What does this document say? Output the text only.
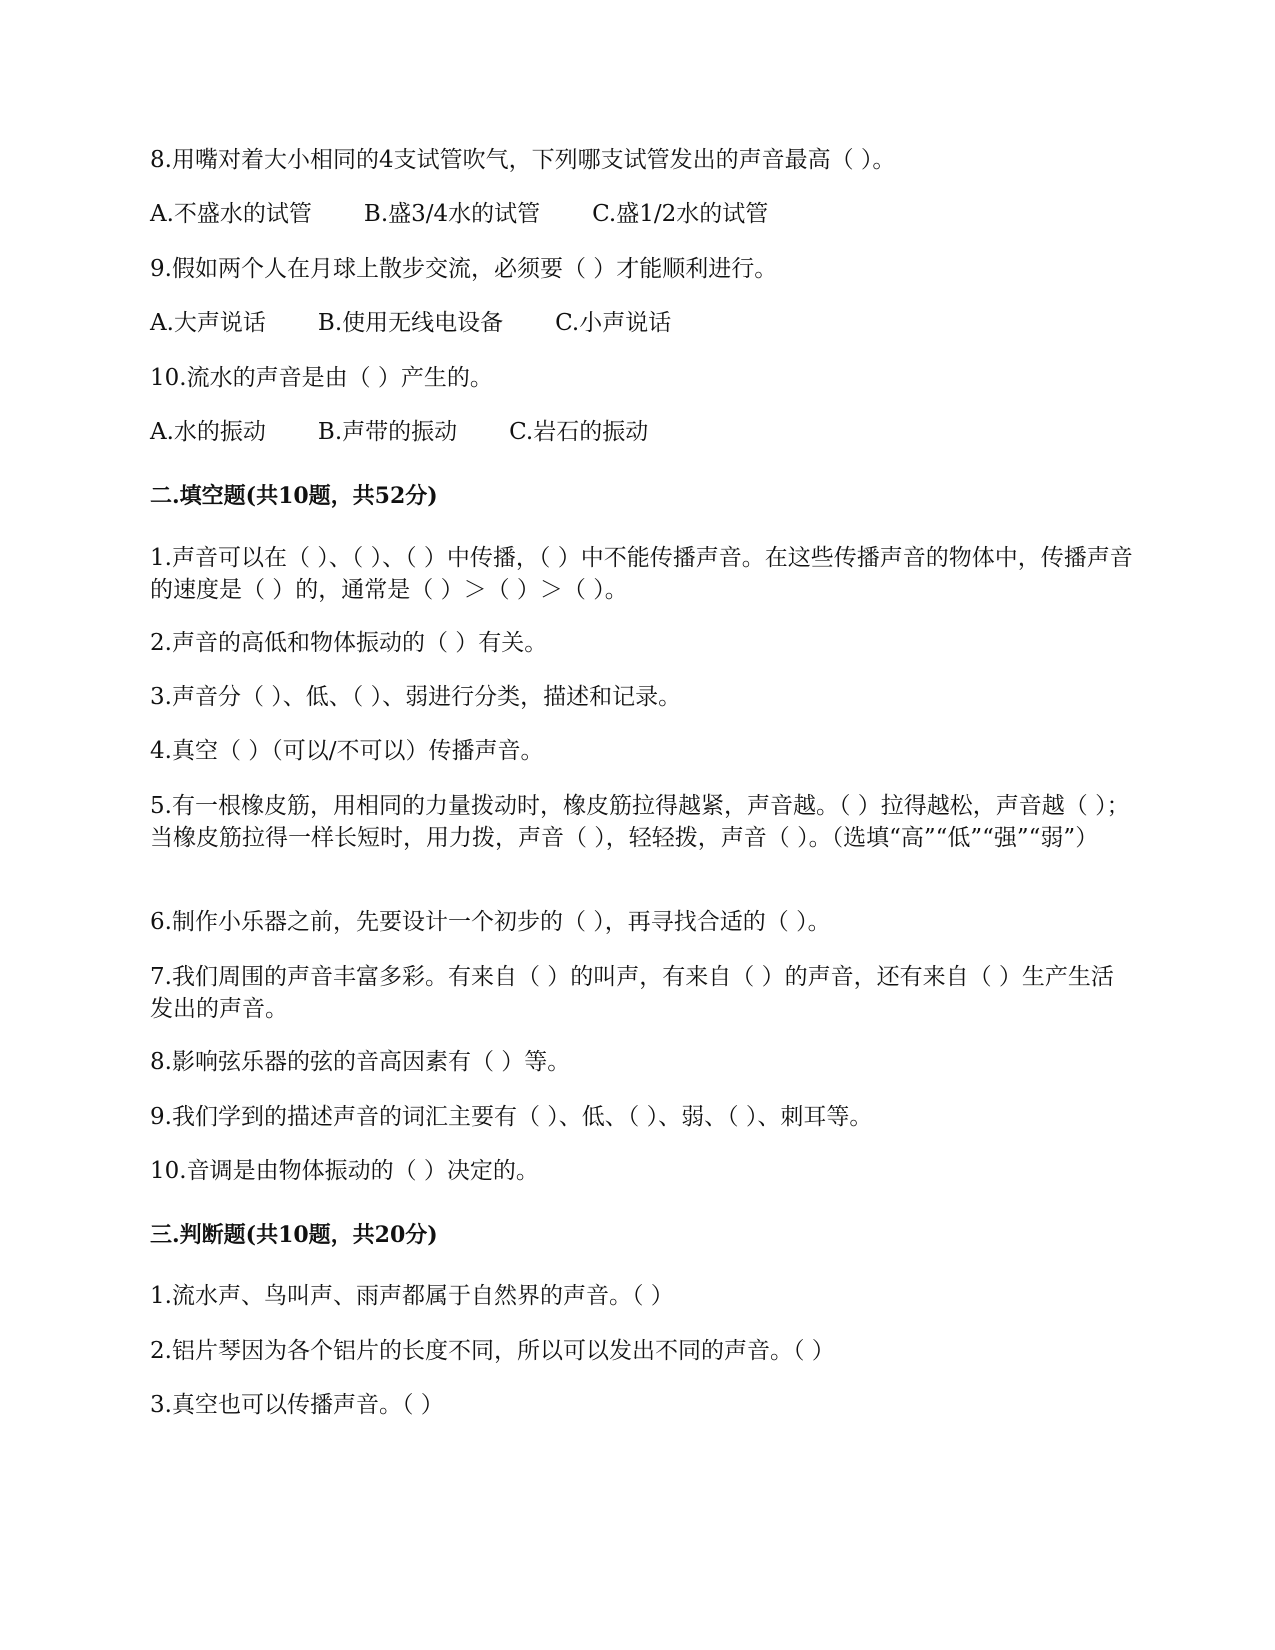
8.用嘴对着大小相同的4支试管吹气，下列哪支试管发出的声音最高（ ）。
A.不盛水的试管 B.盛3/4水的试管 C.盛1/2水的试管
9.假如两个人在月球上散步交流，必须要（ ）才能顺利进行。
A.大声说话 B.使用无线电设备 C.小声说话
10.流水的声音是由（ ）产生的。
A.水的振动 B.声带的振动 C.岩石的振动
二.填空题(共10题，共52分)
1.声音可以在（ ）、（ ）、（ ）中传播，（ ）中不能传播声音。在这些传播声音的物体中，传播声音的速度是（ ）的，通常是（ ）＞（ ）＞（ ）。
2.声音的高低和物体振动的（ ）有关。
3.声音分（ ）、低、（ ）、弱进行分类，描述和记录。
4.真空（ ）（可以/不可以）传播声音。
5.有一根橡皮筋，用相同的力量拨动时，橡皮筋拉得越紧，声音越。（ ）拉得越松，声音越（ ）；当橡皮筋拉得一样长短时，用力拨，声音（ ），轻轻拨，声音（ ）。（选填“高”“低”“强”“弱”）
6.制作小乐器之前，先要设计一个初步的（ ），再寻找合适的（ ）。
7.我们周围的声音丰富多彩。有来自（ ）的叫声，有来自（ ）的声音，还有来自（ ）生产生活发出的声音。
8.影响弦乐器的弦的音高因素有（ ）等。
9.我们学到的描述声音的词汇主要有（ ）、低、（ ）、弱、（ ）、刺耳等。
10.音调是由物体振动的（ ）决定的。
三.判断题(共10题，共20分)
1.流水声、鸟叫声、雨声都属于自然界的声音。（ ）
2.铝片琴因为各个铝片的长度不同，所以可以发出不同的声音。（ ）
3.真空也可以传播声音。（ ）
